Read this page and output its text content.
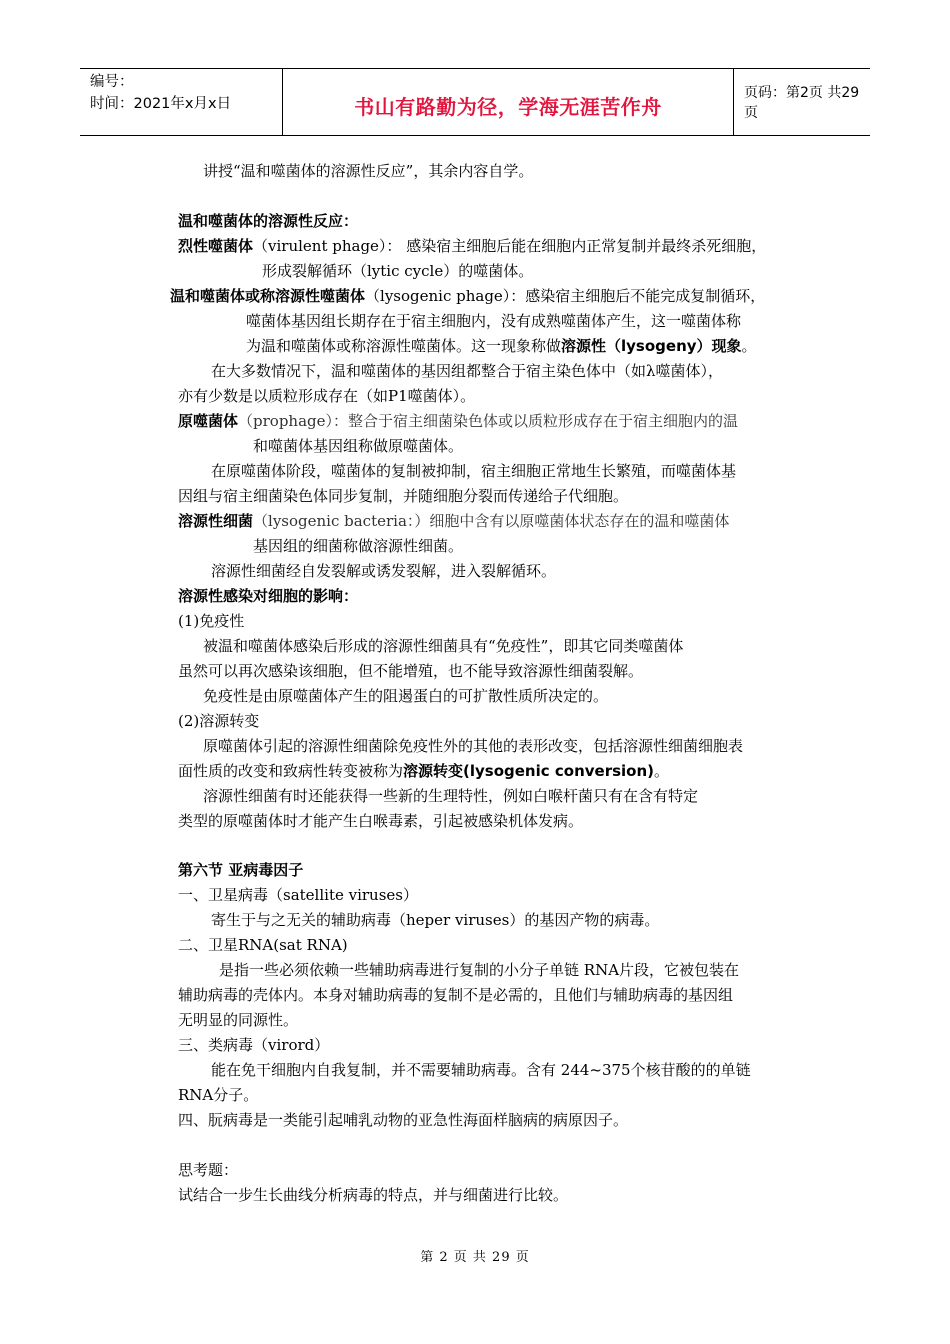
编号：
时间：2021年x月x日	书山有路勤为径，学海无涯苦作舟
页码：第2页 共29页
讲授“温和噬菌体的溶源性反应”，其余内容自学。
温和噬菌体的溶源性反应：
烈性噬菌体（virulent phage）： 感染宿主细胞后能在细胞内正常复制并最终杀死细胞，
形成裂解循环（lytic cycle）的噬菌体。
温和噬菌体或称溶源性噬菌体（lysogenic phage）：感染宿主细胞后不能完成复制循环，
噬菌体基因组长期存在于宿主细胞内，没有成熟噬菌体产生，这一噬菌体称
为温和噬菌体或称溶源性噬菌体。这一现象称做溶源性（lysogeny）现象。
在大多数情况下，温和噬菌体的基因组都整合于宿主染色体中（如λ噬菌体），
亦有少数是以质粒形成存在（如P1噬菌体）。
原噬菌体（prophage）：整合于宿主细菌染色体或以质粒形成存在于宿主细胞内的温
和噬菌体基因组称做原噬菌体。
在原噬菌体阶段，噬菌体的复制被抑制，宿主细胞正常地生长繁殖，而噬菌体基
因组与宿主细菌染色体同步复制，并随细胞分裂而传递给子代细胞。
溶源性细菌（lysogenic bacteria：）细胞中含有以原噬菌体状态存在的温和噬菌体
基因组的细菌称做溶源性细菌。
溶源性细菌经自发裂解或诱发裂解，进入裂解循环。
溶源性感染对细胞的影响：
(1)免疫性
被温和噬菌体感染后形成的溶源性细菌具有“免疫性”，即其它同类噬菌体
虽然可以再次感染该细胞，但不能增殖，也不能导致溶源性细菌裂解。
免疫性是由原噬菌体产生的阻遏蛋白的可扩散性质所决定的。
(2)溶源转变
原噬菌体引起的溶源性细菌除免疫性外的其他的表形改变，包括溶源性细菌细胞表
面性质的改变和致病性转变被称为溶源转变(lysogenic conversion)。
溶源性细菌有时还能获得一些新的生理特性，例如白喉杆菌只有在含有特定
类型的原噬菌体时才能产生白喉毒素，引起被感染机体发病。
第六节 亚病毒因子
一、卫星病毒（satellite viruses）
寄生于与之无关的辅助病毒（heper viruses）的基因产物的病毒。
二、卫星RNA(sat RNA)
是指一些必须依赖一些辅助病毒进行复制的小分子单链 RNA片段，它被包装在
辅助病毒的壳体内。本身对辅助病毒的复制不是必需的，且他们与辅助病毒的基因组
无明显的同源性。
三、类病毒（virord）
能在免干细胞内自我复制，并不需要辅助病毒。含有 244~375个核苷酸的的单链
RNA分子。
四、朊病毒是一类能引起哺乳动物的亚急性海面样脑病的病原因子。
思考题：
试结合一步生长曲线分析病毒的特点，并与细菌进行比较。
第 2 页 共 29 页
